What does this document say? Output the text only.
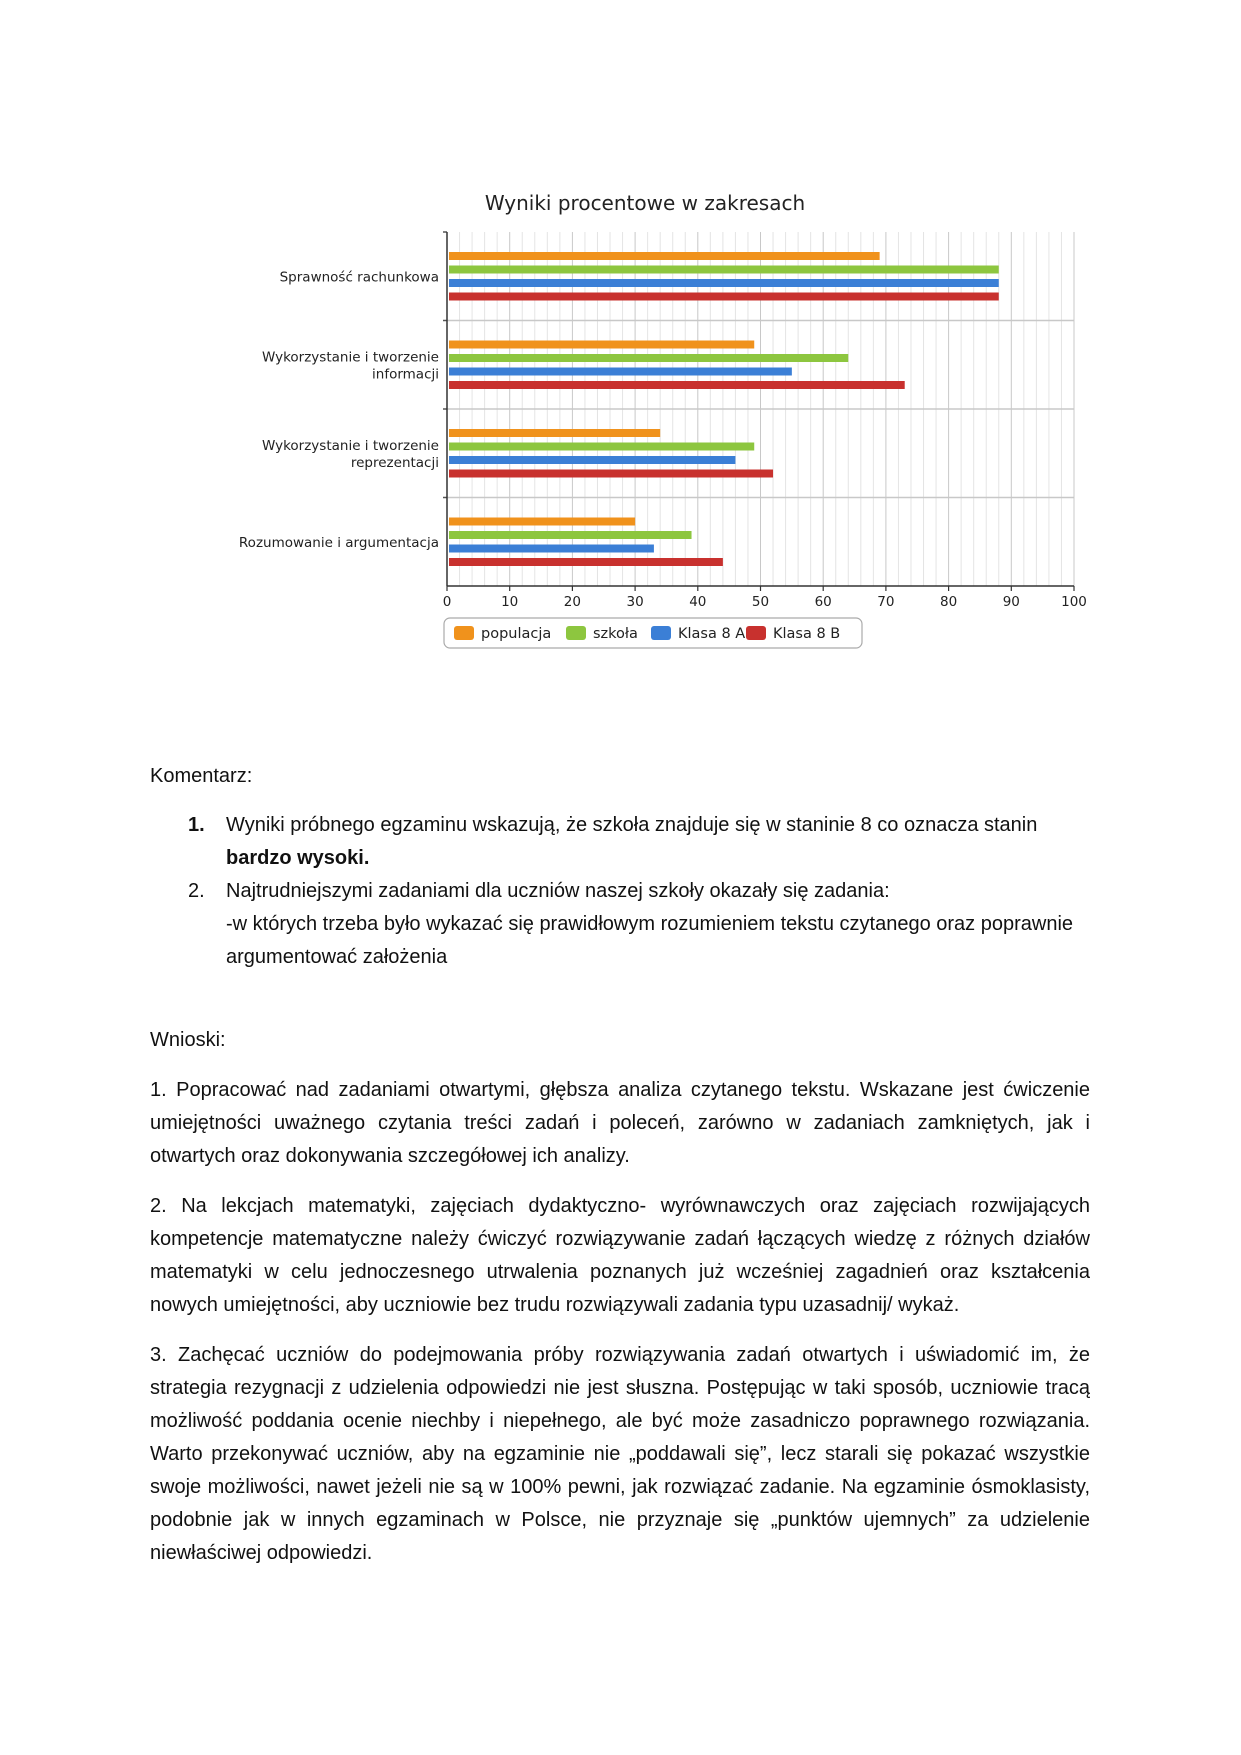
Wyniki procentowe w zakresach
Sprawność rachunkowa
Wykorzystanie i tworzenie
informacji
Wykorzystanie i tworzenie
reprezentacji
Rozumowanie i argumentacja
0	10	20	30	40	50	60	70	80	90	100
populacja	szkoła	Klasa 8 A Klasa 8 B

Komentarz:

1. Wyniki próbnego egzaminu wskazują, że szkoła znajduje się w staninie 8 co oznacza stanin bardzo wysoki.
2. Najtrudniejszymi zadaniami dla uczniów naszej szkoły okazały się zadania:
-w których trzeba było wykazać się prawidłowym rozumieniem tekstu czytanego oraz poprawnie argumentować założenia

Wnioski:

1. Popracować nad zadaniami otwartymi, głębsza analiza czytanego tekstu. Wskazane jest ćwiczenie umiejętności uważnego czytania treści zadań i poleceń, zarówno w zadaniach zamkniętych, jak i otwartych oraz dokonywania szczegółowej ich analizy.

2. Na lekcjach matematyki, zajęciach dydaktyczno- wyrównawczych oraz zajęciach rozwijających kompetencje matematyczne należy ćwiczyć rozwiązywanie zadań łączących wiedzę z różnych działów matematyki w celu jednoczesnego utrwalenia poznanych już wcześniej zagadnień oraz kształcenia nowych umiejętności, aby uczniowie bez trudu rozwiązywali zadania typu uzasadnij/ wykaż.

3. Zachęcać uczniów do podejmowania próby rozwiązywania zadań otwartych i uświadomić im, że strategia rezygnacji z udzielenia odpowiedzi nie jest słuszna. Postępując w taki sposób, uczniowie tracą możliwość poddania ocenie niechby i niepełnego, ale być może zasadniczo poprawnego rozwiązania. Warto przekonywać uczniów, aby na egzaminie nie „poddawali się”, lecz starali się pokazać wszystkie swoje możliwości, nawet jeżeli nie są w 100% pewni, jak rozwiązać zadanie. Na egzaminie ósmoklasisty, podobnie jak w innych egzaminach w Polsce, nie przyznaje się „punktów ujemnych” za udzielenie niewłaściwej odpowiedzi.
